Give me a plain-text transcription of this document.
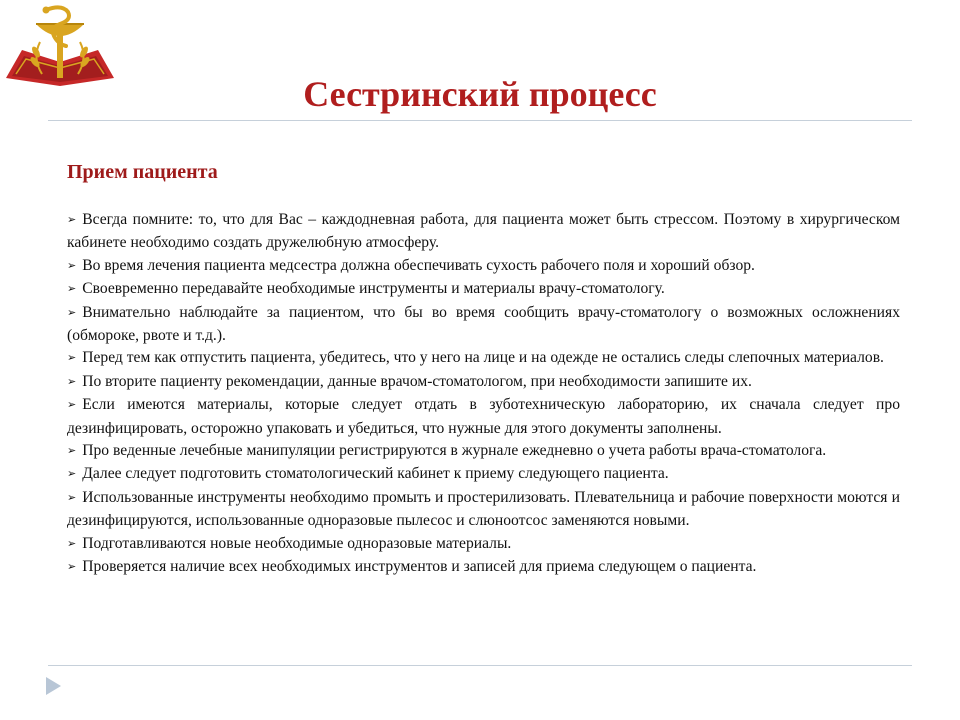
Сестринский процесс
Прием пациента

➢ Всегда помните: то, что для Вас – каждодневная работа, для пациента может быть стрессом. Поэтому в хирургическом кабинете необходимо создать дружелюбную атмосферу.

➢ Во время лечения пациента медсестра должна обеспечивать сухость рабочего поля и хороший обзор.

➢ Своевременно передавайте необходимые инструменты и материалы врачу-стоматологу.

➢ Внимательно наблюдайте за пациентом, что бы во время сообщить врачу-стоматологу о возможных осложнениях (обмороке, рвоте и т.д.).

➢ Перед тем как отпустить пациента, убедитесь, что у него на лице и на одежде не остались следы слепочных материалов.

➢ По вторите пациенту рекомендации, данные врачом-стоматологом, при необходимости запишите их.

➢ Если имеются материалы, которые следует отдать в зуботехническую лабораторию, их сначала следует про дезинфицировать, осторожно упаковать и убедиться, что нужные для этого документы заполнены.

➢ Про веденные лечебные манипуляции регистрируются в журнале ежедневно о учета работы врача-стоматолога.

➢ Далее следует подготовить стоматологический кабинет к приему следующего пациента.

➢ Использованные инструменты необходимо промыть и простерилизовать. Плевательница и рабочие поверхности моются и дезинфицируются, использованные одноразовые пылесос и слюноотсос заменяются новыми.

➢ Подготавливаются новые необходимые одноразовые материалы.

➢ Проверяется наличие всех необходимых инструментов и записей для приема следующем о пациента.
